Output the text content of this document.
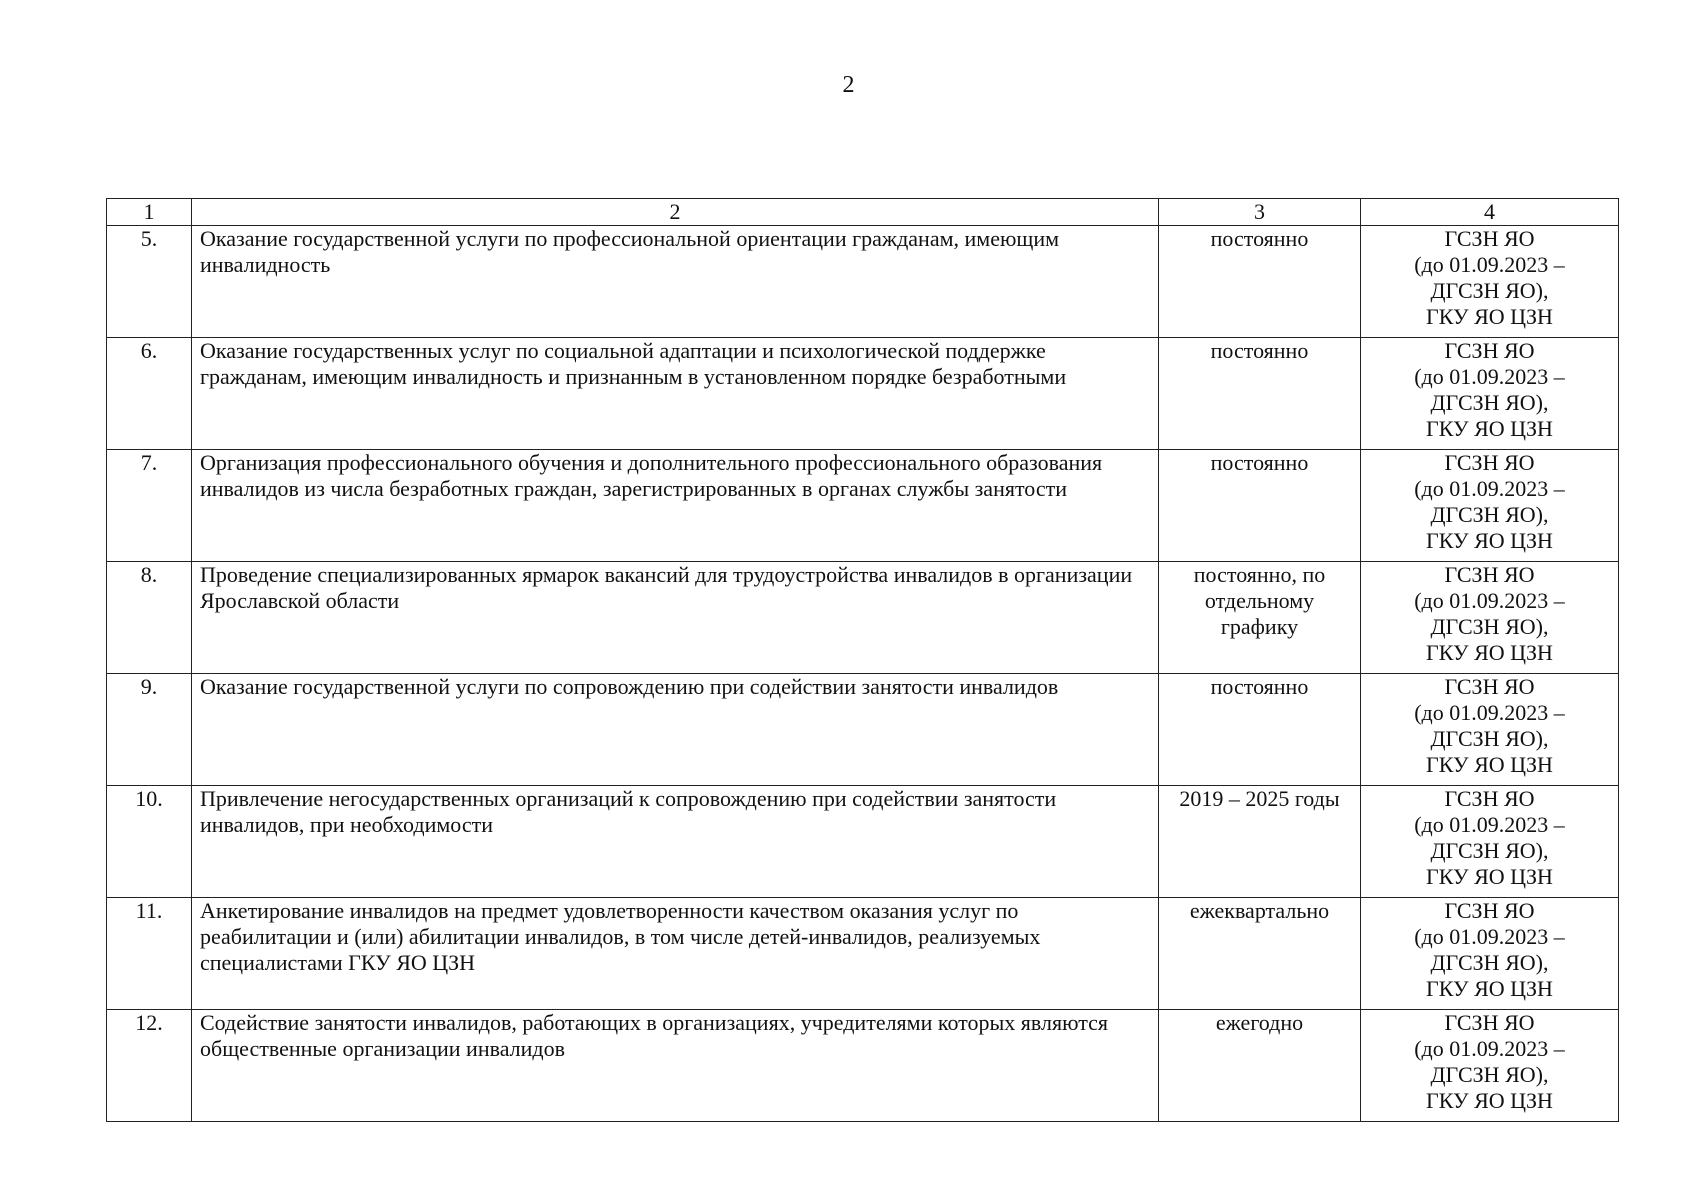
2
1	2	3	4
5.	Оказание государственной услуги по профессиональной ориентации гражданам, имеющим инвалидность	постоянно	ГСЗН ЯО
(до 01.09.2023 –
ДГСЗН ЯО),
ГКУ ЯО ЦЗН

6.	Оказание государственных услуг по социальной адаптации и психологической поддержке гражданам, имеющим инвалидность и признанным в установленном порядке безработными	постоянно	ГСЗН ЯО
(до 01.09.2023 –
ДГСЗН ЯО),
ГКУ ЯО ЦЗН

7.	Организация профессионального обучения и дополнительного профессионального образования инвалидов из числа безработных граждан, зарегистрированных в органах службы занятости	постоянно	ГСЗН ЯО
(до 01.09.2023 –
ДГСЗН ЯО),
ГКУ ЯО ЦЗН

8.	Проведение специализированных ярмарок вакансий для трудоустройства инвалидов в организации Ярославской области	постоянно, по отдельному графику	ГСЗН ЯО
(до 01.09.2023 –
ДГСЗН ЯО),
ГКУ ЯО ЦЗН

9.	Оказание государственной услуги по сопровождению при содействии занятости инвалидов	постоянно	ГСЗН ЯО
(до 01.09.2023 –
ДГСЗН ЯО),
ГКУ ЯО ЦЗН

10.	Привлечение негосударственных организаций к сопровождению при содействии занятости инвалидов, при необходимости	2019 – 2025 годы	ГСЗН ЯО
(до 01.09.2023 –
ДГСЗН ЯО),
ГКУ ЯО ЦЗН

11.	Анкетирование инвалидов на предмет удовлетворенности качеством оказания услуг по реабилитации и (или) абилитации инвалидов, в том числе детей-инвалидов, реализуемых специалистами ГКУ ЯО ЦЗН	ежеквартально	ГСЗН ЯО
(до 01.09.2023 –
ДГСЗН ЯО),
ГКУ ЯО ЦЗН

12.	Содействие занятости инвалидов, работающих в организациях, учредителями которых являются общественные организации инвалидов	ежегодно	ГСЗН ЯО
(до 01.09.2023 –
ДГСЗН ЯО),
ГКУ ЯО ЦЗН
